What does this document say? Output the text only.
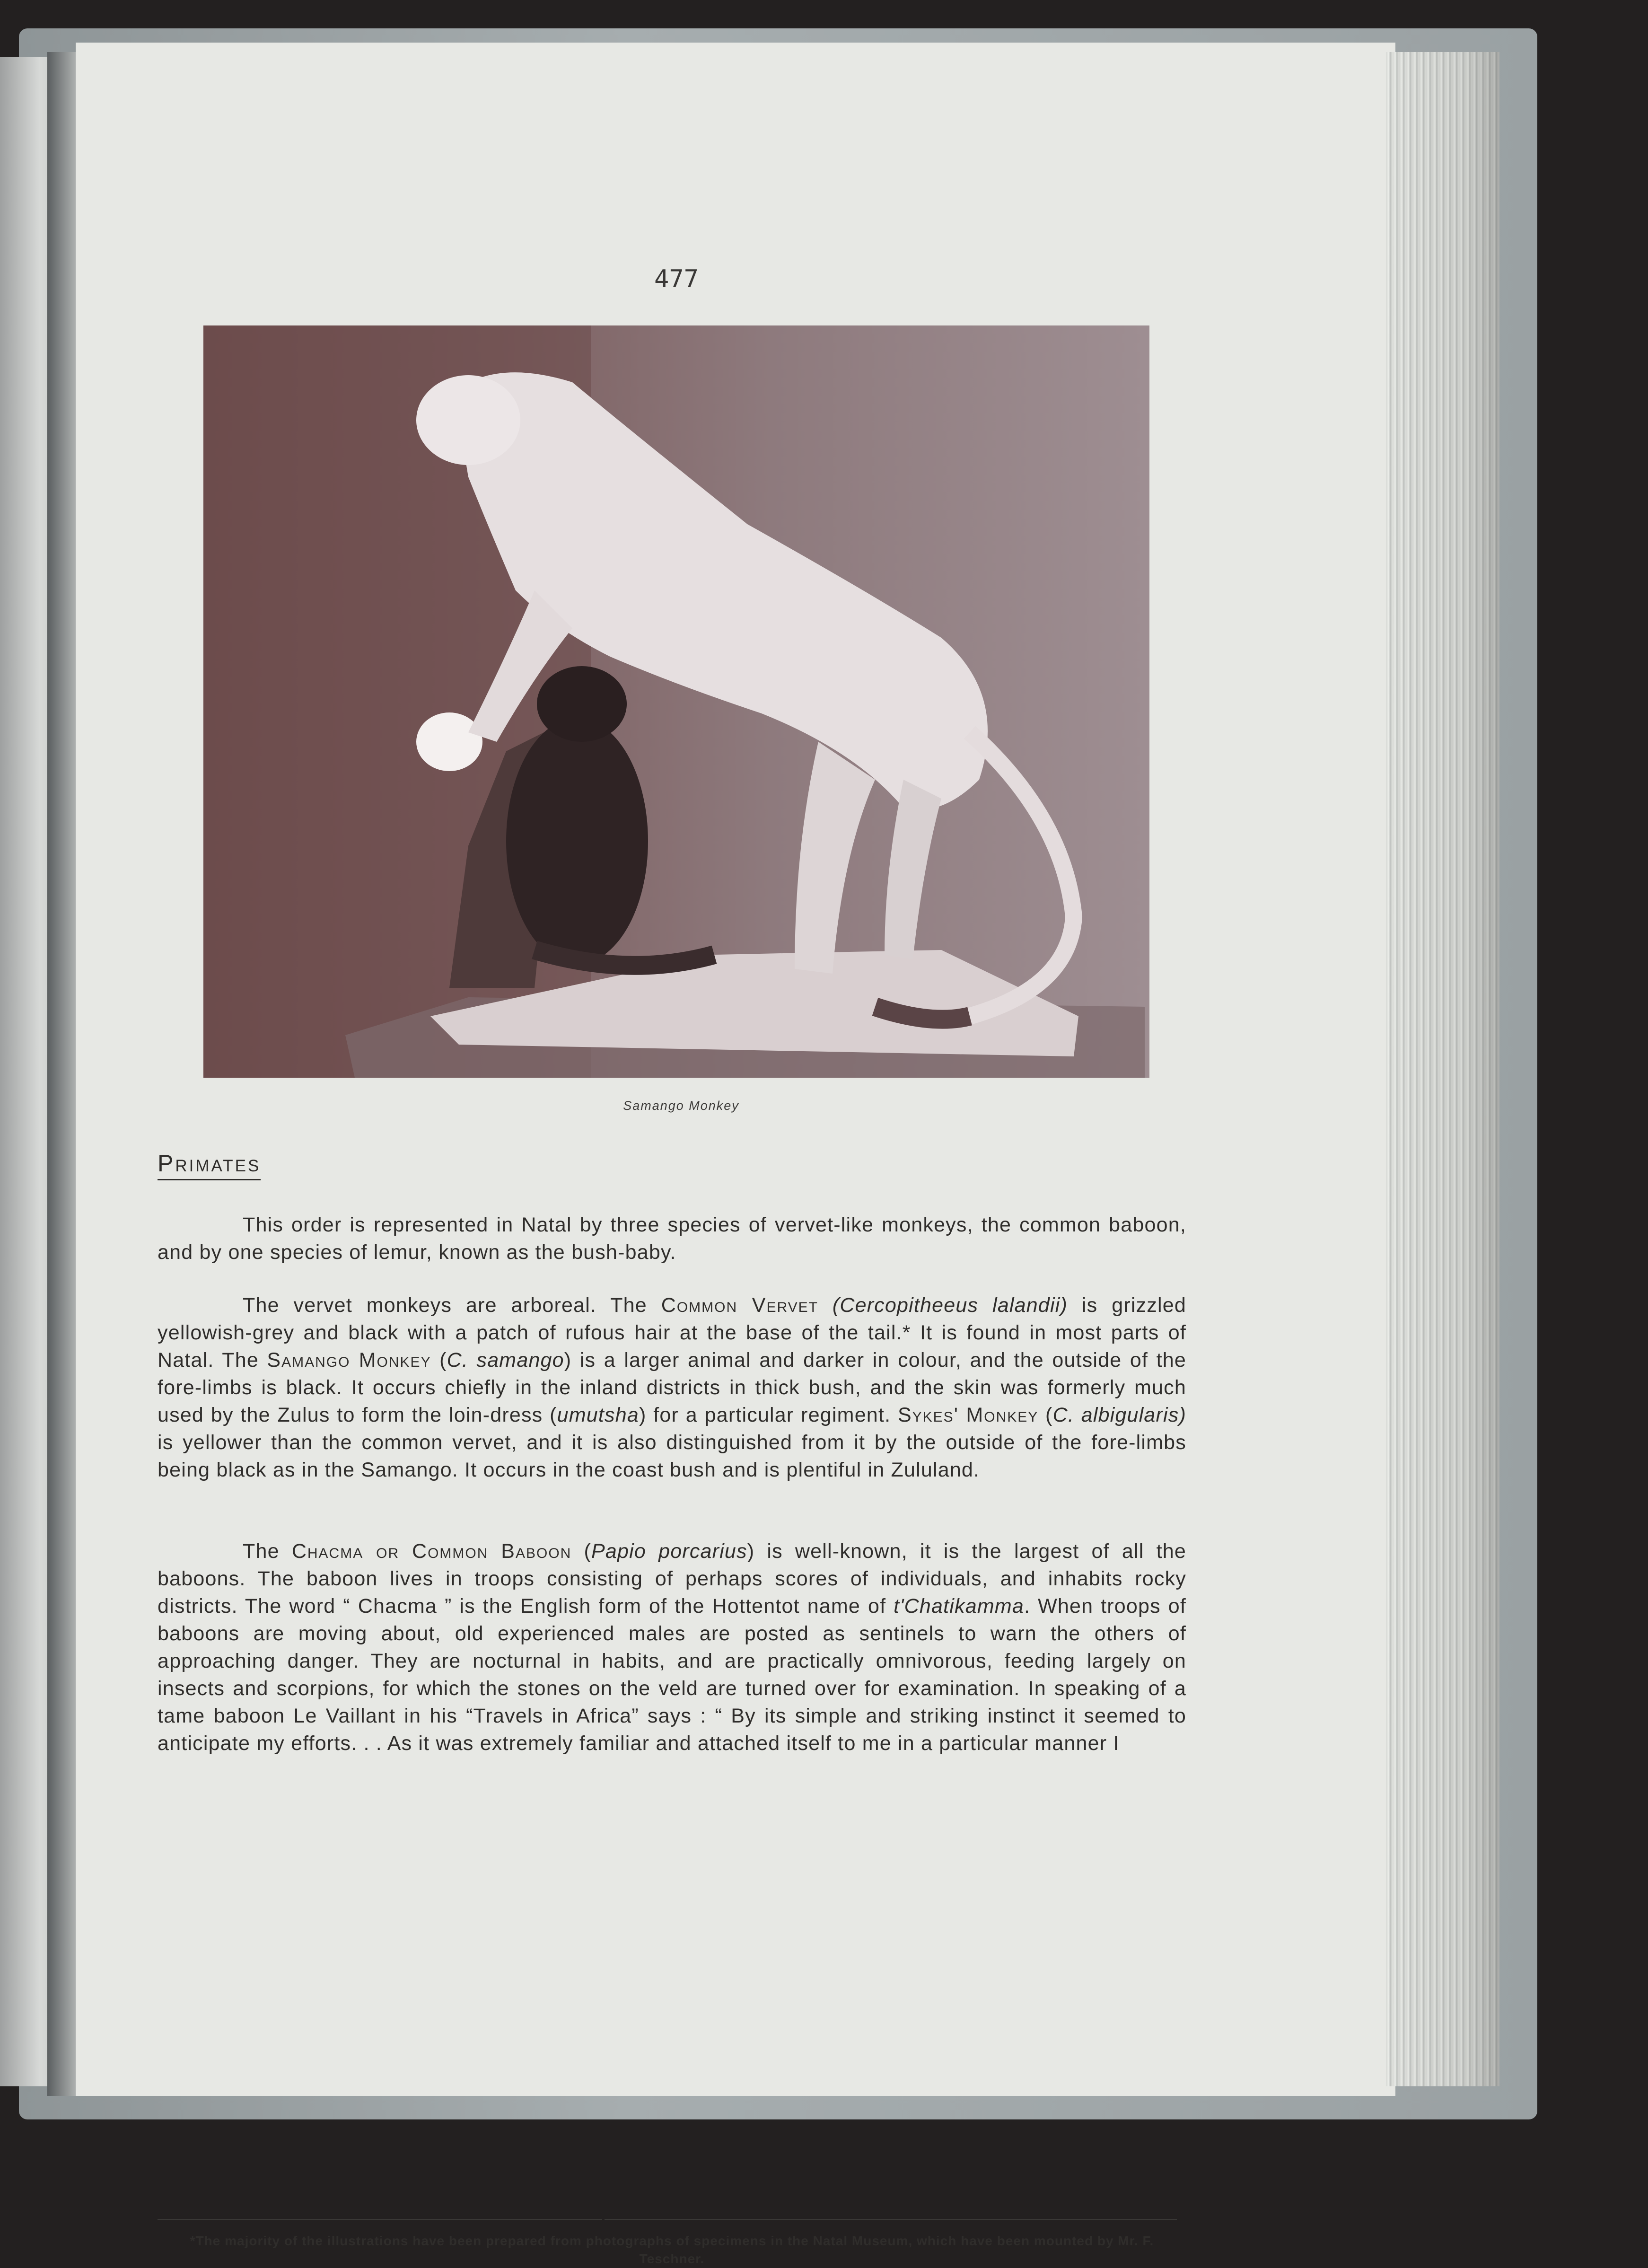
477
Samango Monkey
Primates
This order is represented in Natal by three species of vervet-like monkeys, the common baboon, and by one species of lemur, known as the bush-baby.
The vervet monkeys are arboreal. The Common Vervet (Cercopitheeus lalandii) is grizzled yellowish-grey and black with a patch of rufous hair at the base of the tail.* It is found in most parts of Natal. The Samango Monkey (C. samango) is a larger animal and darker in colour, and the outside of the fore-limbs is black. It occurs chiefly in the inland districts in thick bush, and the skin was formerly much used by the Zulus to form the loin-dress (umutsha) for a particular regiment. Sykes' Monkey (C. albigularis) is yellower than the common vervet, and it is also distinguished from it by the outside of the fore-limbs being black as in the Samango. It occurs in the coast bush and is plentiful in Zululand.
The Chacma or Common Baboon (Papio porcarius) is well-known, it is the largest of all the baboons. The baboon lives in troops consisting of perhaps scores of individuals, and inhabits rocky districts. The word “ Chacma ” is the English form of the Hottentot name of t'Chatikamma. When troops of baboons are moving about, old experienced males are posted as sentinels to warn the others of approaching danger. They are nocturnal in habits, and are practically omnivorous, feeding largely on insects and scorpions, for which the stones on the veld are turned over for examination. In speaking of a tame baboon Le Vaillant in his “Travels in Africa” says : “ By its simple and striking instinct it seemed to anticipate my efforts. . . As it was extremely familiar and attached itself to me in a particular manner I
*The majority of the illustrations have been prepared from photographs of specimens in the Natal Museum, which have been mounted by Mr. F. Teschner.
